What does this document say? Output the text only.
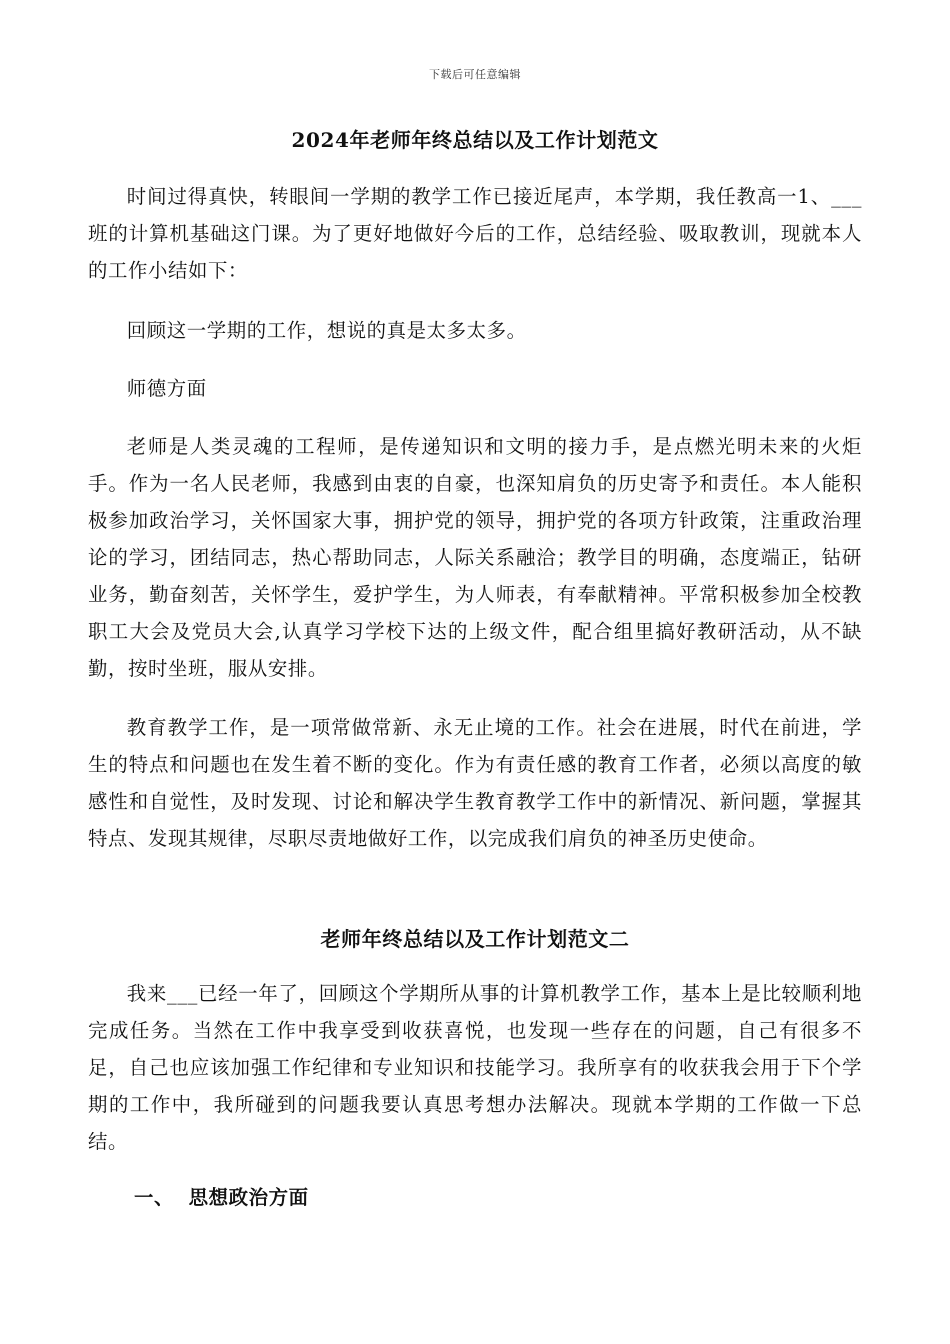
下载后可任意编辑
2024年老师年终总结以及工作计划范文

时间过得真快，转眼间一学期的教学工作已接近尾声，本学期，我任教高一1、___班的计算机基础这门课。为了更好地做好今后的工作，总结经验、吸取教训，现就本人的工作小结如下：

回顾这一学期的工作，想说的真是太多太多。

师德方面

老师是人类灵魂的工程师，是传递知识和文明的接力手，是点燃光明未来的火炬手。作为一名人民老师，我感到由衷的自豪，也深知肩负的历史寄予和责任。本人能积极参加政治学习，关怀国家大事，拥护党的领导，拥护党的各项方针政策，注重政治理论的学习，团结同志，热心帮助同志，人际关系融洽；教学目的明确，态度端正，钻研业务，勤奋刻苦，关怀学生，爱护学生，为人师表，有奉献精神。平常积极参加全校教职工大会及党员大会,认真学习学校下达的上级文件，配合组里搞好教研活动，从不缺勤，按时坐班，服从安排。

教育教学工作，是一项常做常新、永无止境的工作。社会在进展，时代在前进，学生的特点和问题也在发生着不断的变化。作为有责任感的教育工作者，必须以高度的敏感性和自觉性，及时发现、讨论和解决学生教育教学工作中的新情况、新问题，掌握其特点、发现其规律，尽职尽责地做好工作，以完成我们肩负的神圣历史使命。

老师年终总结以及工作计划范文二

我来___已经一年了，回顾这个学期所从事的计算机教学工作，基本上是比较顺利地完成任务。当然在工作中我享受到收获喜悦，也发现一些存在的问题，自己有很多不足，自己也应该加强工作纪律和专业知识和技能学习。我所享有的收获我会用于下个学期的工作中，我所碰到的问题我要认真思考想办法解决。现就本学期的工作做一下总结。

一、  思想政治方面
